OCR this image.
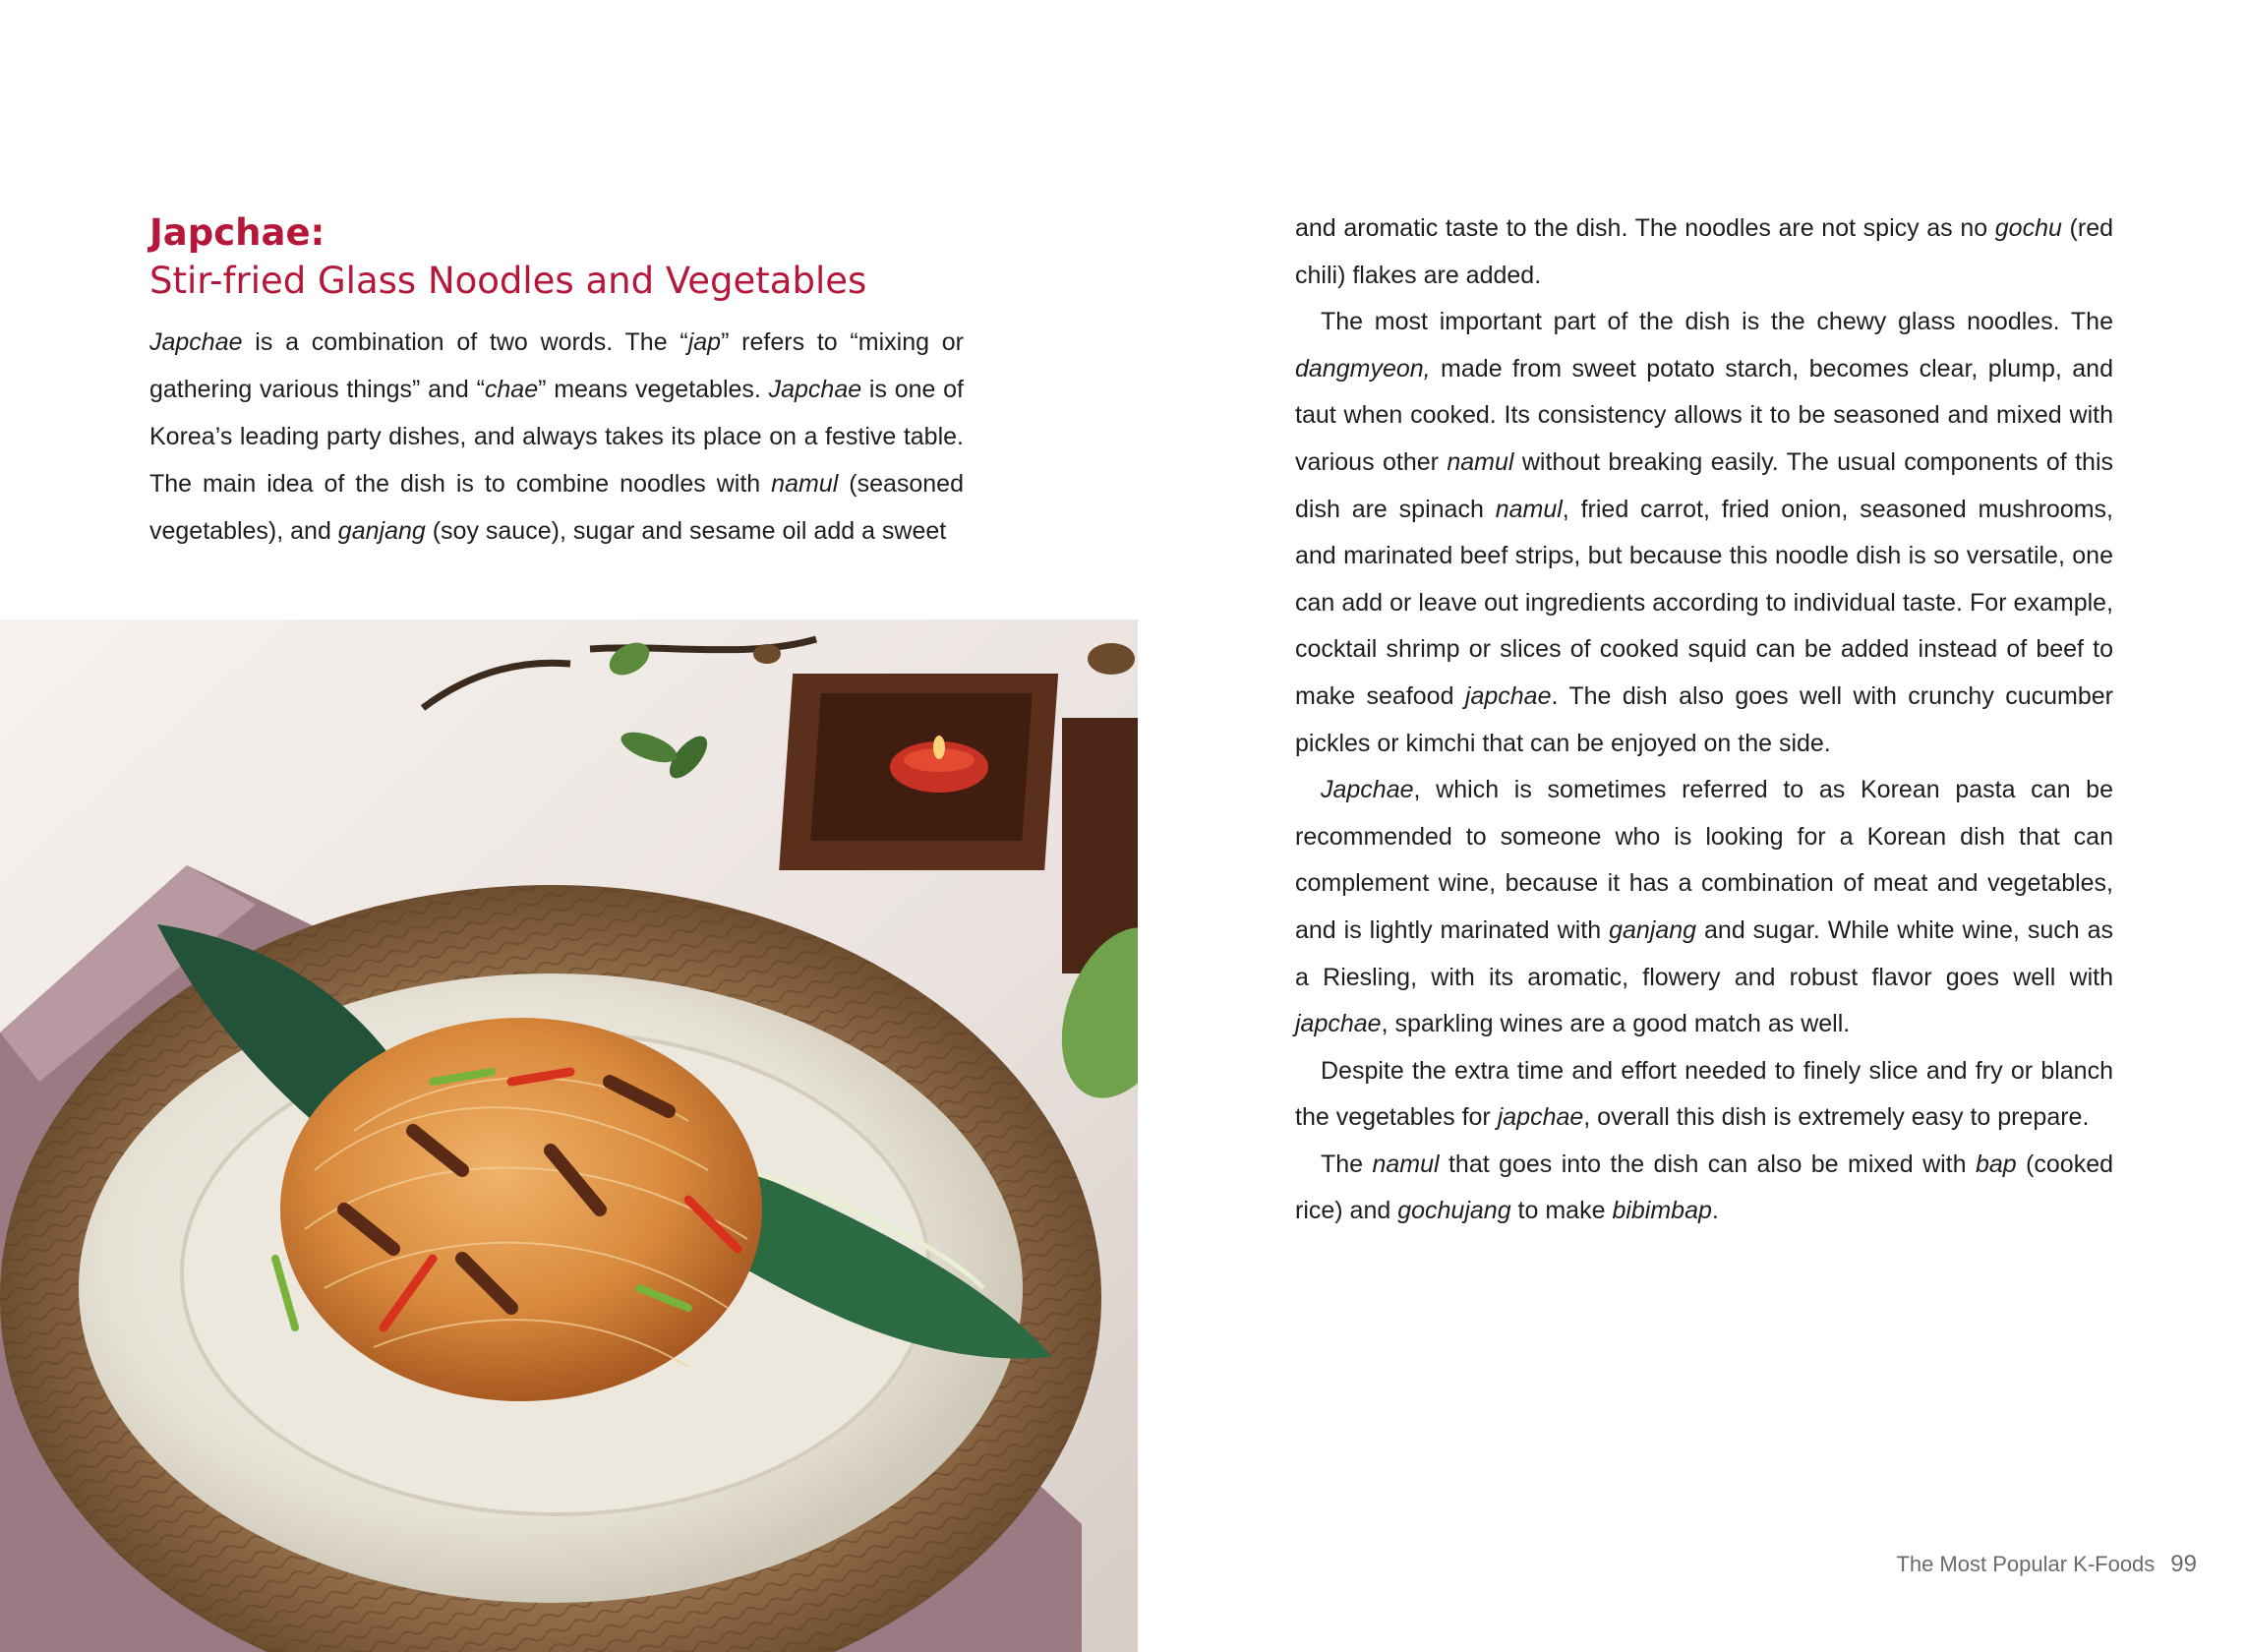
Japchae:
Stir-fried Glass Noodles and Vegetables

Japchae is a combination of two words. The “jap” refers to “mixing or gathering various things” and “chae” means vegetables. Japchae is one of Korea’s leading party dishes, and always takes its place on a festive table. The main idea of the dish is to combine noodles with namul (seasoned vegetables), and ganjang (soy sauce), sugar and sesame oil add a sweet

and aromatic taste to the dish. The noodles are not spicy as no gochu (red chili) flakes are added.

The most important part of the dish is the chewy glass noodles. The dangmyeon, made from sweet potato starch, becomes clear, plump, and taut when cooked. Its consistency allows it to be seasoned and mixed with various other namul without breaking easily. The usual components of this dish are spinach namul, fried carrot, fried onion, seasoned mushrooms, and marinated beef strips, but because this noodle dish is so versatile, one can add or leave out ingredients according to individual taste. For example, cocktail shrimp or slices of cooked squid can be added instead of beef to make seafood japchae. The dish also goes well with crunchy cucumber pickles or kimchi that can be enjoyed on the side.

Japchae, which is sometimes referred to as Korean pasta can be recommended to someone who is looking for a Korean dish that can complement wine, because it has a combination of meat and vegetables, and is lightly marinated with ganjang and sugar. While white wine, such as a Riesling, with its aromatic, flowery and robust flavor goes well with japchae, sparkling wines are a good match as well.

Despite the extra time and effort needed to finely slice and fry or blanch the vegetables for japchae, overall this dish is extremely easy to prepare.

The namul that goes into the dish can also be mixed with bap (cooked rice) and gochujang to make bibimbap.

The Most Popular K-Foods 99
